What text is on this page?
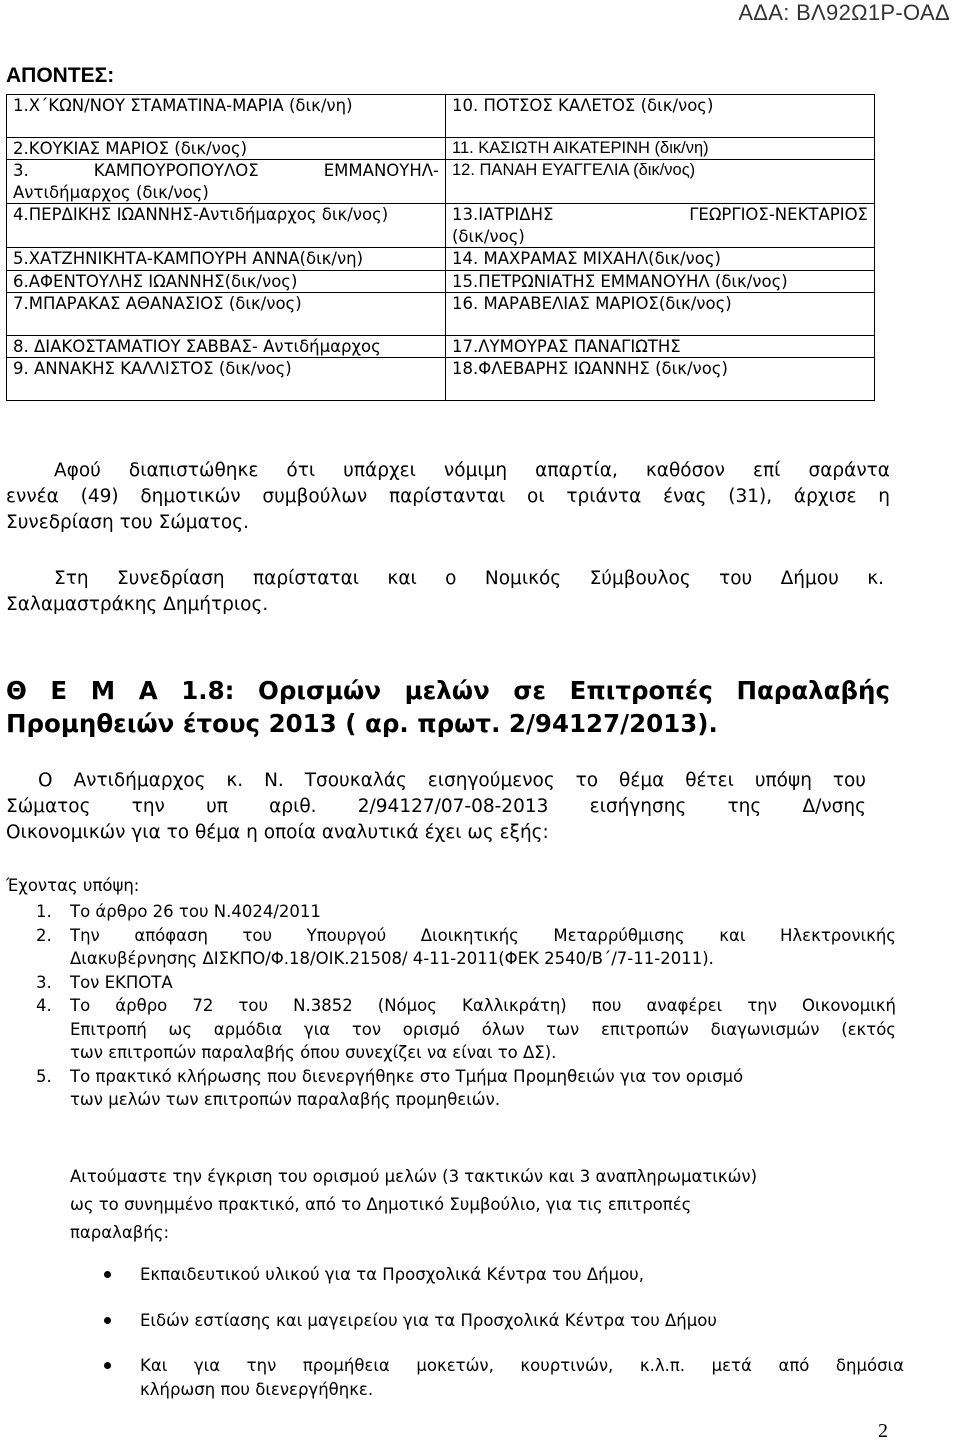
ΑΔΑ: ΒΛ92Ω1Ρ-ΟΑΔ
ΑΠΟΝΤΕΣ:
1.Χ΄ΚΩΝ/ΝΟΥ ΣΤΑΜΑΤΙΝΑ-ΜΑΡΙΑ (δικ/νη)	10. ΠΟΤΣΟΣ ΚΑΛΕΤΟΣ (δικ/νος)

2.ΚΟΥΚΙΑΣ ΜΑΡΙΟΣ (δικ/νος)	11. ΚΑΣΙΩΤΗ ΑΙΚΑΤΕΡΙΝΗ (δικ/νη)

3. ΚΑΜΠΟΥΡΟΠΟΥΛΟΣ ΕΜΜΑΝΟΥΗΛ-
Αντιδήμαρχος (δικ/νος)	12. ΠΑΝΑΗ ΕΥΑΓΓΕΛΙΑ (δικ/νος)

4.ΠΕΡΔΙΚΗΣ ΙΩΑΝΝΗΣ-Αντιδήμαρχος δικ/νος)	13.ΙΑΤΡΙΔΗΣ ΓΕΩΡΓΙΟΣ-ΝΕΚΤΑΡΙΟΣ
(δικ/νος)

5.ΧΑΤΖΗΝΙΚΗΤΑ-ΚΑΜΠΟΥΡΗ ΑΝΝΑ(δικ/νη)	14. ΜΑΧΡΑΜΑΣ ΜΙΧΑΗΛ(δικ/νος)

6.ΑΦΕΝΤΟΥΛΗΣ ΙΩΑΝΝΗΣ(δικ/νος)	15.ΠΕΤΡΩΝΙΑΤΗΣ ΕΜΜΑΝΟΥΗΛ (δικ/νος)

7.ΜΠΑΡΑΚΑΣ ΑΘΑΝΑΣΙΟΣ (δικ/νος)	16. ΜΑΡΑΒΕΛΙΑΣ ΜΑΡΙΟΣ(δικ/νος)

8. ΔΙΑΚΟΣΤΑΜΑΤΙΟΥ ΣΑΒΒΑΣ- Αντιδήμαρχος	17.ΛΥΜΟΥΡΑΣ ΠΑΝΑΓΙΩΤΗΣ

9. ΑΝΝΑΚΗΣ ΚΑΛΛΙΣΤΟΣ (δικ/νος)	18.ΦΛΕΒΑΡΗΣ ΙΩΑΝΝΗΣ (δικ/νος)
Αφού διαπιστώθηκε ότι υπάρχει νόμιμη απαρτία, καθόσον επί σαράντα
εννέα (49) δημοτικών συμβούλων παρίστανται οι τριάντα ένας (31), άρχισε η
Συνεδρίαση του Σώματος.
Στη Συνεδρίαση παρίσταται και ο Νομικός Σύμβουλος του Δήμου κ.
Σαλαμαστράκης Δημήτριος.
Θ Ε Μ Α 1.8: Ορισμών μελών σε Επιτροπές Παραλαβής
Προμηθειών έτους 2013 ( αρ. πρωτ. 2/94127/2013).
Ο Αντιδήμαρχος κ. Ν. Τσουκαλάς εισηγούμενος το θέμα θέτει υπόψη του
Σώματος την υπ αριθ. 2/94127/07-08-2013 εισήγησης της Δ/νσης
Οικονομικών για το θέμα η οποία αναλυτικά έχει ως εξής:
Έχοντας υπόψη:
1. Το άρθρο 26 του Ν.4024/2011
2. Την απόφαση του Υπουργού Διοικητικής Μεταρρύθμισης και Ηλεκτρονικής
Διακυβέρνησης ΔΙΣΚΠΟ/Φ.18/ΟΙΚ.21508/ 4-11-2011(ΦΕΚ 2540/Β΄/7-11-2011).
3. Τον ΕΚΠΟΤΑ
4. Το άρθρο 72 του Ν.3852 (Νόμος Καλλικράτη) που αναφέρει την Οικονομική
Επιτροπή ως αρμόδια για τον ορισμό όλων των επιτροπών διαγωνισμών (εκτός
των επιτροπών παραλαβής όπου συνεχίζει να είναι το ΔΣ).
5. Το πρακτικό κλήρωσης που διενεργήθηκε στο Τμήμα Προμηθειών για τον ορισμό
των μελών των επιτροπών παραλαβής προμηθειών.
Αιτούμαστε την έγκριση του ορισμού μελών (3 τακτικών και 3 αναπληρωματικών)
ως το συνημμένο πρακτικό, από το Δημοτικό Συμβούλιο, για τις επιτροπές
παραλαβής:
Εκπαιδευτικού υλικού για τα Προσχολικά Κέντρα του Δήμου,
Ειδών εστίασης και μαγειρείου για τα Προσχολικά Κέντρα του Δήμου
Και για την προμήθεια μοκετών, κουρτινών, κ.λ.π. μετά από δημόσια
κλήρωση που διενεργήθηκε.
2
